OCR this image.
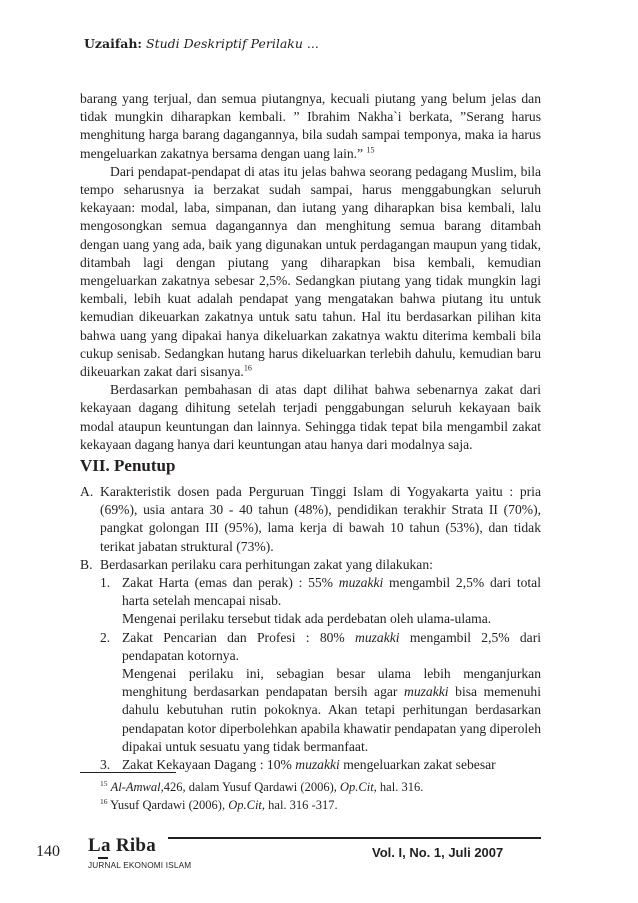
Uzaifah: Studi Deskriptif Perilaku ...

barang yang terjual, dan semua piutangnya, kecuali piutang yang belum jelas dan tidak mungkin diharapkan kembali. ” Ibrahim Nakha`i berkata, ”Serang harus menghitung harga barang dagangannya, bila sudah sampai temponya, maka ia harus mengeluarkan zakatnya bersama dengan uang lain.” $^{15}$

Dari pendapat-pendapat di atas itu jelas bahwa seorang pedagang Muslim, bila tempo seharusnya ia berzakat sudah sampai, harus menggabungkan seluruh kekayaan: modal, laba, simpanan, dan iutang yang diharapkan bisa kembali, lalu mengosongkan semua dagangannya dan menghitung semua barang ditambah dengan uang yang ada, baik yang digunakan untuk perdagangan maupun yang tidak, ditambah lagi dengan piutang yang diharapkan bisa kembali, kemudian mengeluarkan zakatnya sebesar 2,5%. Sedangkan piutang yang tidak mungkin lagi kembali, lebih kuat adalah pendapat yang mengatakan bahwa piutang itu untuk kemudian dikeuarkan zakatnya untuk satu tahun. Hal itu berdasarkan pilihan kita bahwa uang yang dipakai hanya dikeluarkan zakatnya waktu diterima kembali bila cukup senisab. Sedangkan hutang harus dikeluarkan terlebih dahulu, kemudian baru dikeuarkan zakat dari sisanya.$^{16}$

Berdasarkan pembahasan di atas dapt dilihat bahwa sebenarnya zakat dari kekayaan dagang dihitung setelah terjadi penggabungan seluruh kekayaan baik modal ataupun keuntungan dan lainnya. Sehingga tidak tepat bila mengambil zakat kekayaan dagang hanya dari keuntungan atau hanya dari modalnya saja.

VII. Penutup
A. Karakteristik dosen pada Perguruan Tinggi Islam di Yogyakarta yaitu : pria (69%), usia antara 30 - 40 tahun (48%), pendidikan terakhir Strata II (70%), pangkat golongan III (95%), lama kerja di bawah 10 tahun (53%), dan tidak terikat jabatan struktural (73%).
B. Berdasarkan perilaku cara perhitungan zakat yang dilakukan:
1. Zakat Harta (emas dan perak) : 55% muzakki mengambil 2,5% dari total harta setelah mencapai nisab.
Mengenai perilaku tersebut tidak ada perdebatan oleh ulama-ulama.
2. Zakat Pencarian dan Profesi : 80% muzakki mengambil 2,5% dari pendapatan kotornya.
Mengenai perilaku ini, sebagian besar ulama lebih menganjurkan menghitung berdasarkan pendapatan bersih agar muzakki bisa memenuhi dahulu kebutuhan rutin pokoknya. Akan tetapi perhitungan berdasarkan pendapatan kotor diperbolehkan apabila khawatir pendapatan yang diperoleh dipakai untuk sesuatu yang tidak bermanfaat.
3. Zakat Kekayaan Dagang : 10% muzakki mengeluarkan zakat sebesar
$^{15}$ Al-Amwal,426, dalam Yusuf Qardawi (2006), Op.Cit, hal. 316.
$^{16}$ Yusuf Qardawi (2006), Op.Cit, hal. 316 -317.
140 La Riba
JURNAL EKONOMI ISLAM
Vol. I, No. 1, Juli 2007
